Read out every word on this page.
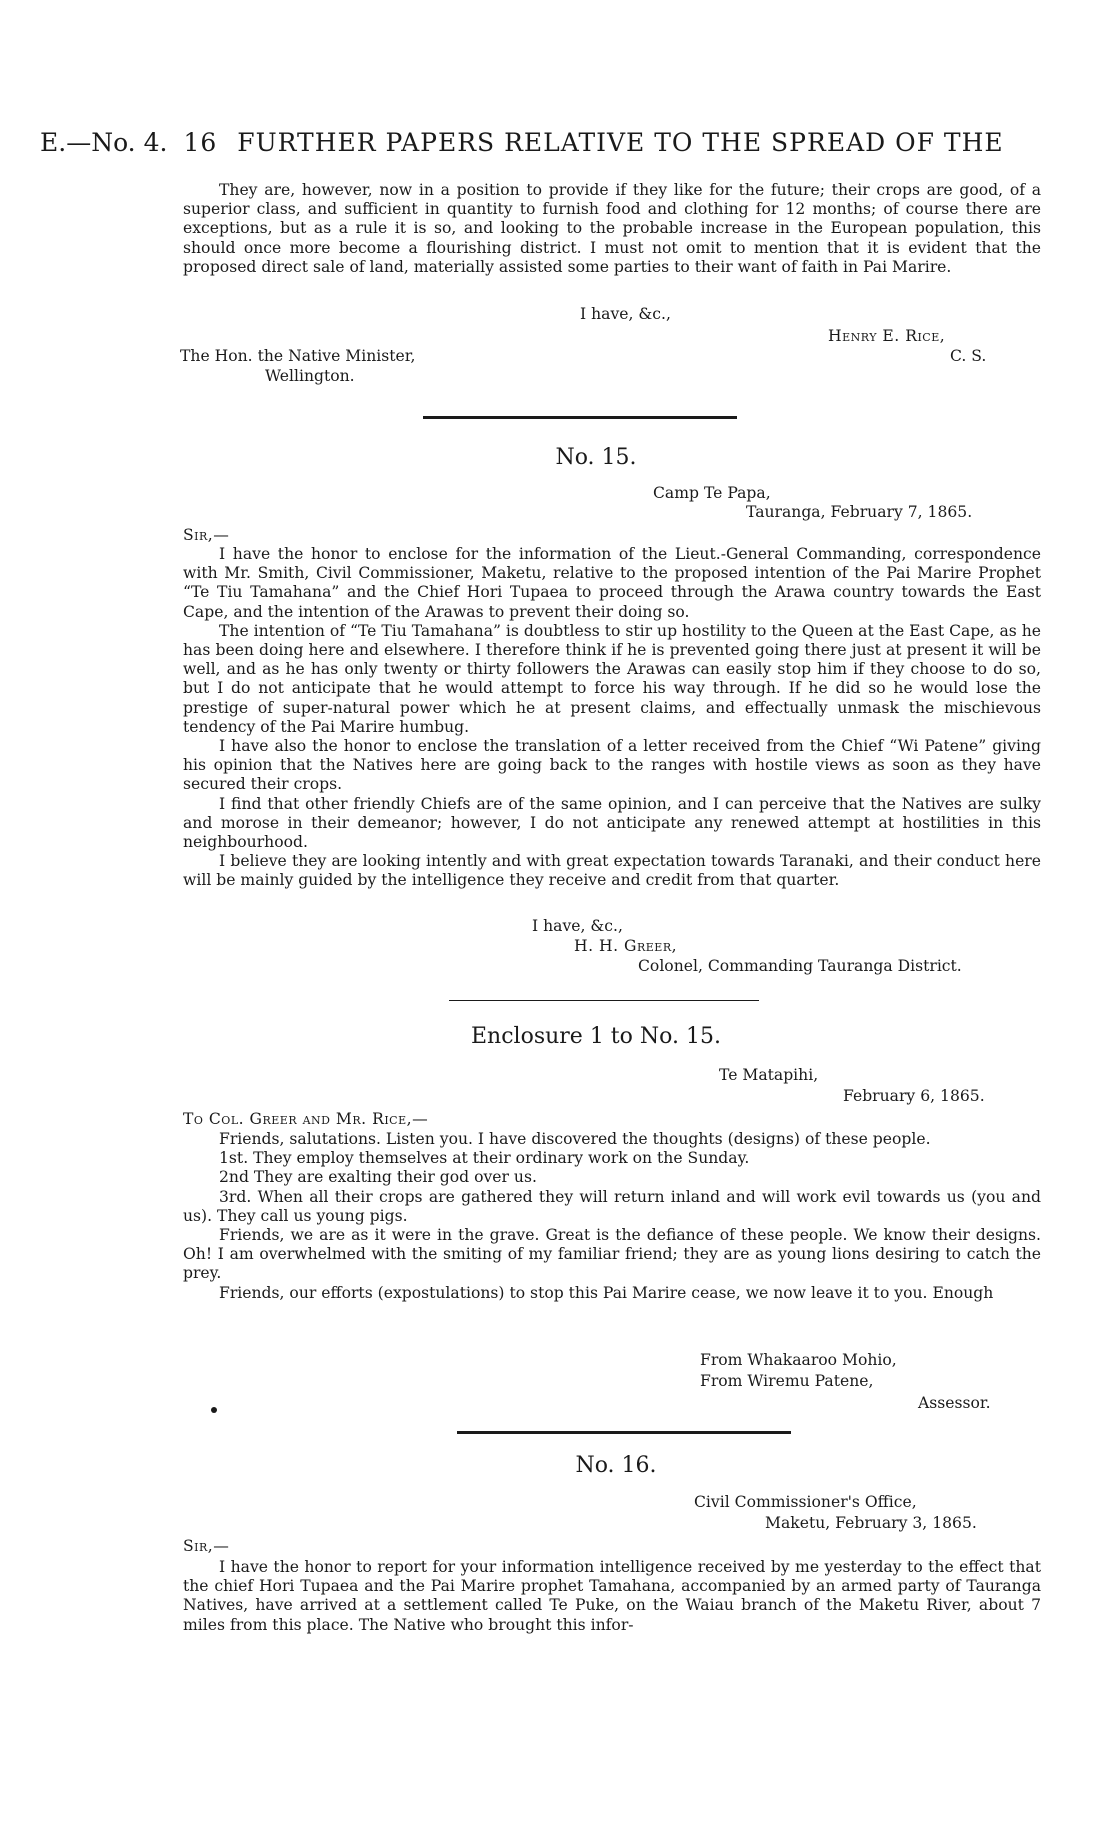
E.—No. 4. 16 FURTHER PAPERS RELATIVE TO THE SPREAD OF THE

They are, however, now in a position to provide if they like for the future; their crops are good, of a superior class, and sufficient in quantity to furnish food and clothing for 12 months; of course there are exceptions, but as a rule it is so, and looking to the probable increase in the European population, this should once more become a flourishing district. I must not omit to mention that it is evident that the proposed direct sale of land, materially assisted some parties to their want of faith in Pai Marire.

I have, &c.,
Henry E. Rice,
The Hon. the Native Minister,	C. S.
Wellington.
No. 15.
Camp Te Papa,
Tauranga, February 7, 1865.
Sir,—

I have the honor to enclose for the information of the Lieut.-General Commanding, correspondence with Mr. Smith, Civil Commissioner, Maketu, relative to the proposed intention of the Pai Marire Prophet “Te Tiu Tamahana” and the Chief Hori Tupaea to proceed through the Arawa country towards the East Cape, and the intention of the Arawas to prevent their doing so.

The intention of “Te Tiu Tamahana” is doubtless to stir up hostility to the Queen at the East Cape, as he has been doing here and elsewhere. I therefore think if he is prevented going there just at present it will be well, and as he has only twenty or thirty followers the Arawas can easily stop him if they choose to do so, but I do not anticipate that he would attempt to force his way through. If he did so he would lose the prestige of super-natural power which he at present claims, and effectually unmask the mischievous tendency of the Pai Marire humbug.

I have also the honor to enclose the translation of a letter received from the Chief “Wi Patene” giving his opinion that the Natives here are going back to the ranges with hostile views as soon as they have secured their crops.

I find that other friendly Chiefs are of the same opinion, and I can perceive that the Natives are sulky and morose in their demeanor; however, I do not anticipate any renewed attempt at hostilities in this neighbourhood.

I believe they are looking intently and with great expectation towards Taranaki, and their conduct here will be mainly guided by the intelligence they receive and credit from that quarter.

I have, &c.,
H. H. Greer,
Colonel, Commanding Tauranga District.
Enclosure 1 to No. 15.
Te Matapihi,
February 6, 1865.
To Col. Greer and Mr. Rice,—

Friends, salutations. Listen you. I have discovered the thoughts (designs) of these people.

1st. They employ themselves at their ordinary work on the Sunday.

2nd They are exalting their god over us.

3rd. When all their crops are gathered they will return inland and will work evil towards us (you and us). They call us young pigs.

Friends, we are as it were in the grave. Great is the defiance of these people. We know their designs. Oh! I am overwhelmed with the smiting of my familiar friend; they are as young lions desiring to catch the prey.

Friends, our efforts (expostulations) to stop this Pai Marire cease, we now leave it to you. Enough

From Whakaaroo Mohio,
From Wiremu Patene,
Assessor.
No. 16.
Civil Commissioner's Office,
Maketu, February 3, 1865.
Sir,—

I have the honor to report for your information intelligence received by me yesterday to the effect that the chief Hori Tupaea and the Pai Marire prophet Tamahana, accompanied by an armed party of Tauranga Natives, have arrived at a settlement called Te Puke, on the Waiau branch of the Maketu River, about 7 miles from this place. The Native who brought this infor-
